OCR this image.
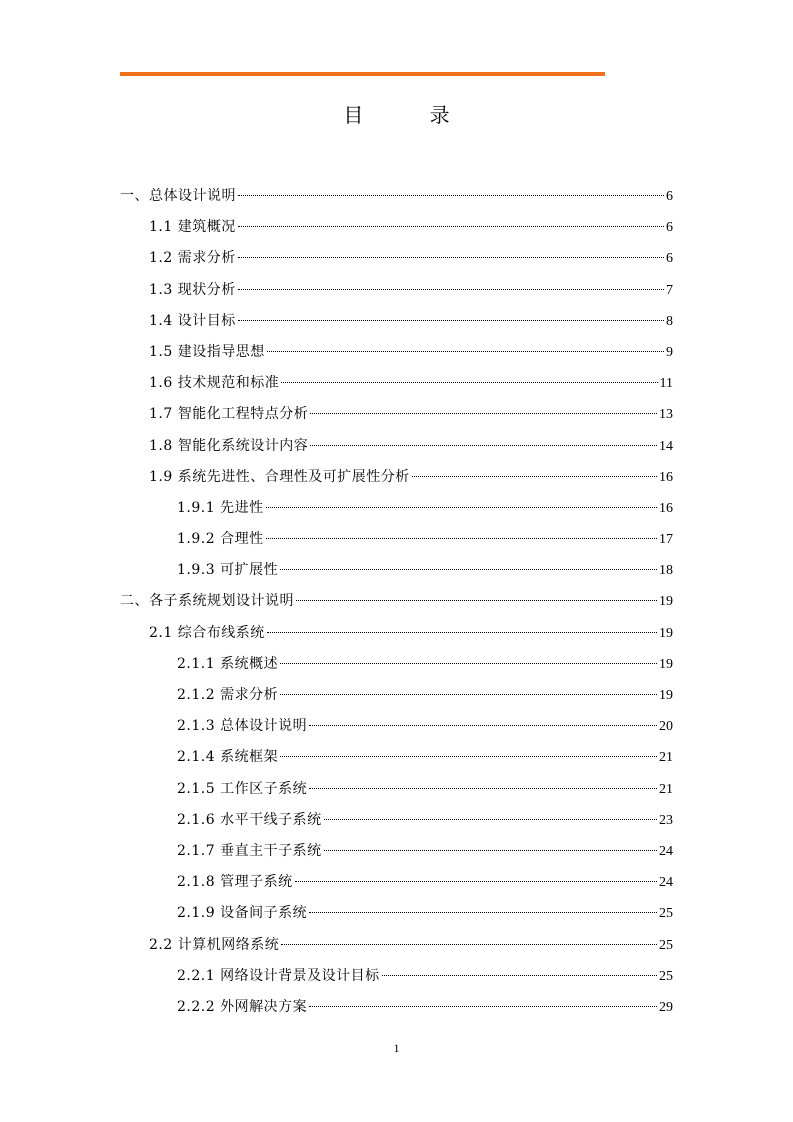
目 录
一、总体设计说明	6
1.1 建筑概况	6
1.2 需求分析	6
1.3 现状分析	7
1.4 设计目标	8
1.5 建设指导思想	9
1.6 技术规范和标准	11
1.7 智能化工程特点分析	13
1.8 智能化系统设计内容	14
1.9 系统先进性、合理性及可扩展性分析	16
1.9.1 先进性	16
1.9.2 合理性	17
1.9.3 可扩展性	18
二、各子系统规划设计说明	19
2.1 综合布线系统	19
2.1.1 系统概述	19
2.1.2 需求分析	19
2.1.3 总体设计说明	20
2.1.4 系统框架	21
2.1.5 工作区子系统	21
2.1.6 水平干线子系统	23
2.1.7 垂直主干子系统	24
2.1.8 管理子系统	24
2.1.9 设备间子系统	25
2.2 计算机网络系统	25
2.2.1 网络设计背景及设计目标	25
2.2.2 外网解决方案	29
1
